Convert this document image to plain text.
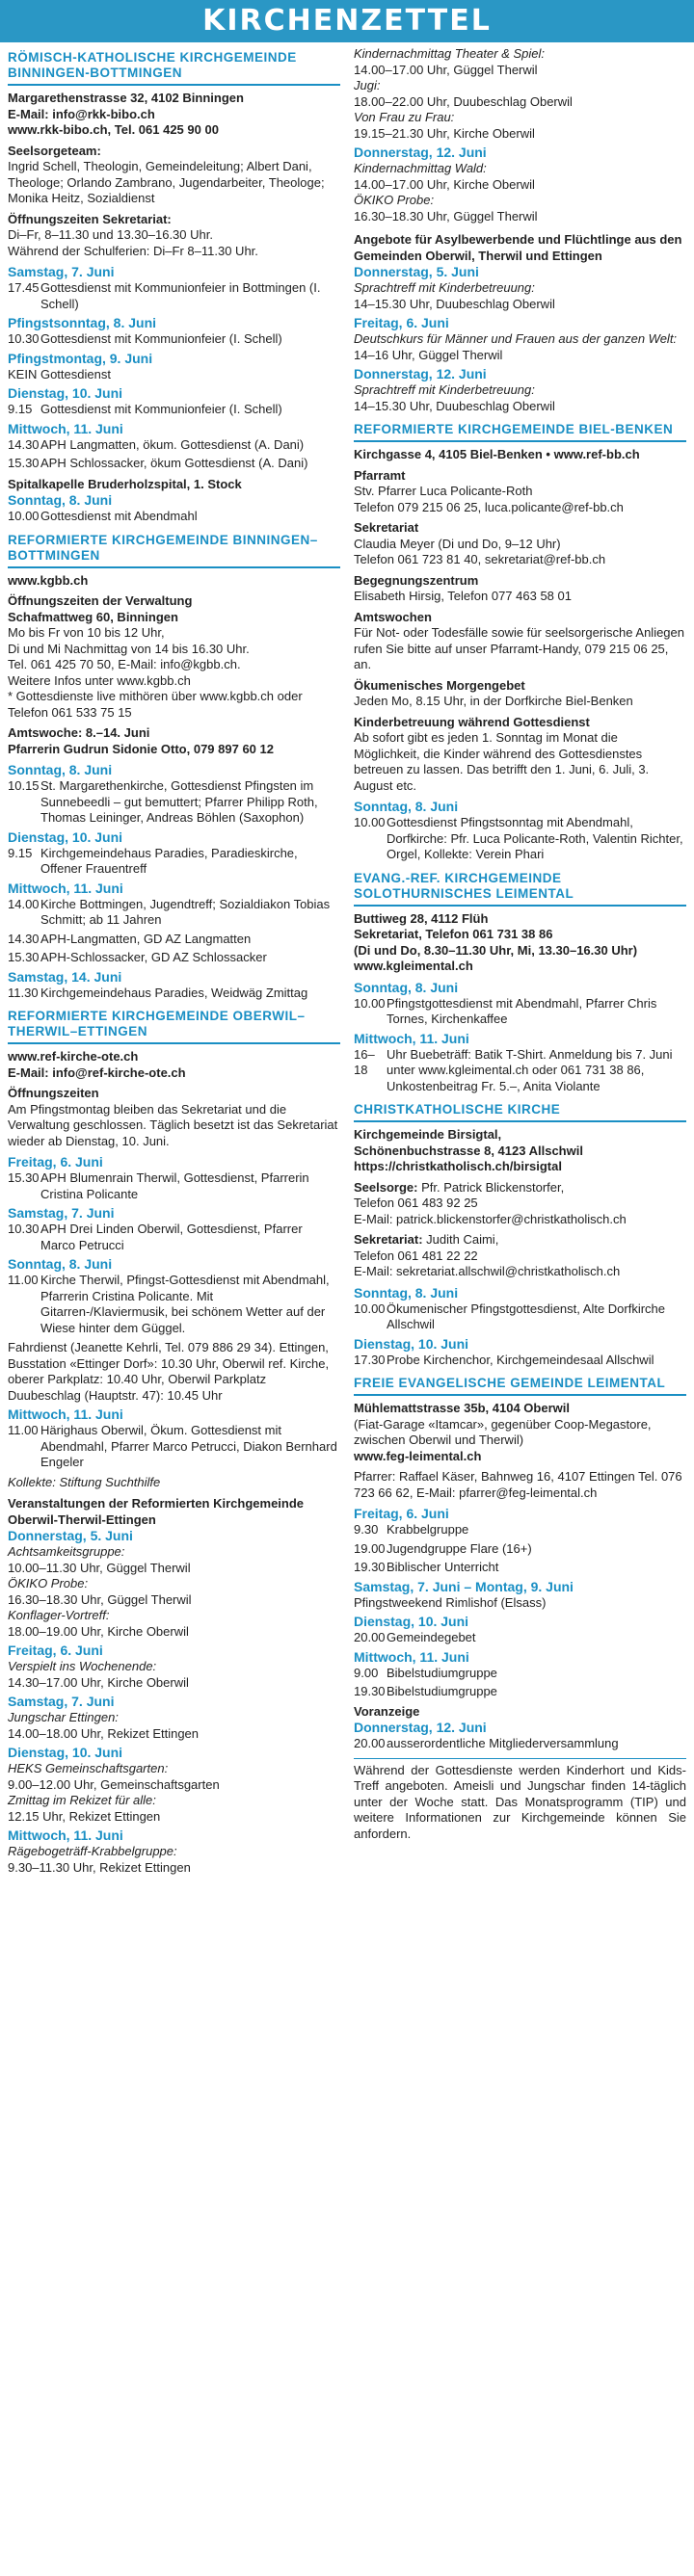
KIRCHENZETTEL
RÖMISCH-KATHOLISCHE KIRCHGEMEINDE BINNINGEN-BOTTMINGEN
Margarethenstrasse 32, 4102 Binningen
E-Mail: info@rkk-bibo.ch
www.rkk-bibo.ch, Tel. 061 425 90 00
Seelsorgeteam:
Ingrid Schell, Theologin, Gemeindeleitung; Albert Dani, Theologe; Orlando Zambrano, Jugendarbeiter, Theologe; Monika Heitz, Sozialdienst
Öffnungszeiten Sekretariat:
Di–Fr, 8–11.30 und 13.30–16.30 Uhr.
Während der Schulferien: Di–Fr 8–11.30 Uhr.
Samstag, 7. Juni
17.45 Gottesdienst mit Kommunionfeier in Bottmingen (I. Schell)
Pfingstsonntag, 8. Juni
10.30 Gottesdienst mit Kommunionfeier (I. Schell)
Pfingstmontag, 9. Juni
KEIN Gottesdienst
Dienstag, 10. Juni
9.15 Gottesdienst mit Kommunionfeier (I. Schell)
Mittwoch, 11. Juni
14.30 APH Langmatten, ökum. Gottesdienst (A. Dani)
15.30 APH Schlossacker, ökum Gottesdienst (A. Dani)
Spitalkapelle Bruderholzspital, 1. Stock
Sonntag, 8. Juni
10.00 Gottesdienst mit Abendmahl
REFORMIERTE KIRCHGEMEINDE BINNINGEN–BOTTMINGEN
www.kgbb.ch
Öffnungszeiten der Verwaltung
Schafmattweg 60, Binningen
Mo bis Fr von 10 bis 12 Uhr,
Di und Mi Nachmittag von 14 bis 16.30 Uhr.
Tel. 061 425 70 50, E-Mail: info@kgbb.ch.
Weitere Infos unter www.kgbb.ch
* Gottesdienste live mithören über www.kgbb.ch oder Telefon 061 533 75 15
Amtswoche: 8.–14. Juni
Pfarrerin Gudrun Sidonie Otto, 079 897 60 12
Sonntag, 8. Juni
10.15 St. Margarethenkirche, Gottesdienst Pfingsten im Sunnebeedli – gut bemuttert; Pfarrer Philipp Roth, Thomas Leininger, Andreas Böhlen (Saxophon)
Dienstag, 10. Juni
9.15 Kirchgemeindehaus Paradies, Paradieskirche, Offener Frauentreff
Mittwoch, 11. Juni
14.00 Kirche Bottmingen, Jugendtreff; Sozialdiakon Tobias Schmitt; ab 11 Jahren
14.30 APH-Langmatten, GD AZ Langmatten
15.30 APH-Schlossacker, GD AZ Schlossacker
Samstag, 14. Juni
11.30 Kirchgemeindehaus Paradies, Weidwäg Zmittag
REFORMIERTE KIRCHGEMEINDE OBERWIL–THERWIL–ETTINGEN
www.ref-kirche-ote.ch
E-Mail: info@ref-kirche-ote.ch
Öffnungszeiten
Am Pfingstmontag bleiben das Sekretariat und die Verwaltung geschlossen. Täglich besetzt ist das Sekretariat wieder ab Dienstag, 10. Juni.
Freitag, 6. Juni
15.30 APH Blumenrain Therwil, Gottesdienst, Pfarrerin Cristina Policante
Samstag, 7. Juni
10.30 APH Drei Linden Oberwil, Gottesdienst, Pfarrer Marco Petrucci
Sonntag, 8. Juni
11.00 Kirche Therwil, Pfingst-Gottesdienst mit Abendmahl, Pfarrerin Cristina Policante. Mit Gitarren-/Klaviermusik, bei schönem Wetter auf der Wiese hinter dem Güggel.
Fahrdienst (Jeanette Kehrli, Tel. 079 886 29 34). Ettingen, Busstation «Ettinger Dorf»: 10.30 Uhr, Oberwil ref. Kirche, oberer Parkplatz: 10.40 Uhr, Oberwil Parkplatz Duubeschlag (Hauptstr. 47): 10.45 Uhr
Mittwoch, 11. Juni
11.00 Härighaus Oberwil, Ökum. Gottesdienst mit Abendmahl, Pfarrer Marco Petrucci, Diakon Bernhard Engeler
Kollekte: Stiftung Suchthilfe
Veranstaltungen der Reformierten Kirchgemeinde Oberwil-Therwil-Ettingen
Donnerstag, 5. Juni
Achtsamkeitsgruppe:
10.00–11.30 Uhr, Güggel Therwil
ÖKIKO Probe:
16.30–18.30 Uhr, Güggel Therwil
Konflager-Vortreff:
18.00–19.00 Uhr, Kirche Oberwil
Freitag, 6. Juni
Verspielt ins Wochenende:
14.30–17.00 Uhr, Kirche Oberwil
Samstag, 7. Juni
Jungschar Ettingen:
14.00–18.00 Uhr, Rekizet Ettingen
Dienstag, 10. Juni
HEKS Gemeinschaftsgarten:
9.00–12.00 Uhr, Gemeinschaftsgarten
Zmittag im Rekizet für alle:
12.15 Uhr, Rekizet Ettingen
Mittwoch, 11. Juni
Rägebogeträff-Krabbelgruppe:
9.30–11.30 Uhr, Rekizet Ettingen
Kindernachmittag Theater & Spiel:
14.00–17.00 Uhr, Güggel Therwil
Jugi:
18.00–22.00 Uhr, Duubeschlag Oberwil
Von Frau zu Frau:
19.15–21.30 Uhr, Kirche Oberwil
Donnerstag, 12. Juni
Kindernachmittag Wald:
14.00–17.00 Uhr, Kirche Oberwil
ÖKIKO Probe:
16.30–18.30 Uhr, Güggel Therwil
Angebote für Asylbewerbende und Flüchtlinge aus den Gemeinden Oberwil, Therwil und Ettingen
Donnerstag, 5. Juni
Sprachtreff mit Kinderbetreuung:
14–15.30 Uhr, Duubeschlag Oberwil
Freitag, 6. Juni
Deutschkurs für Männer und Frauen aus der ganzen Welt:
14–16 Uhr, Güggel Therwil
Donnerstag, 12. Juni
Sprachtreff mit Kinderbetreuung:
14–15.30 Uhr, Duubeschlag Oberwil
REFORMIERTE KIRCHGEMEINDE BIEL-BENKEN
Kirchgasse 4, 4105 Biel-Benken • www.ref-bb.ch
Pfarramt
Stv. Pfarrer Luca Policante-Roth
Telefon 079 215 06 25, luca.policante@ref-bb.ch
Sekretariat
Claudia Meyer (Di und Do, 9–12 Uhr)
Telefon 061 723 81 40, sekretariat@ref-bb.ch
Begegnungszentrum
Elisabeth Hirsig, Telefon 077 463 58 01
Amtswochen
Für Not- oder Todesfälle sowie für seelsorgerische Anliegen rufen Sie bitte auf unser Pfarramt-Handy, 079 215 06 25, an.
Ökumenisches Morgengebet
Jeden Mo, 8.15 Uhr, in der Dorfkirche Biel-Benken
Kinderbetreuung während Gottesdienst
Ab sofort gibt es jeden 1. Sonntag im Monat die Möglichkeit, die Kinder während des Gottesdienstes betreuen zu lassen. Das betrifft den 1. Juni, 6. Juli, 3. August etc.
Sonntag, 8. Juni
10.00 Gottesdienst Pfingstsonntag mit Abendmahl, Dorfkirche: Pfr. Luca Policante-Roth, Valentin Richter, Orgel, Kollekte: Verein Phari
EVANG.-REF. KIRCHGEMEINDE SOLOTHURNISCHES LEIMENTAL
Buttiweg 28, 4112 Flüh
Sekretariat, Telefon 061 731 38 86
(Di und Do, 8.30–11.30 Uhr, Mi, 13.30–16.30 Uhr)
www.kgleimental.ch
Sonntag, 8. Juni
10.00 Pfingstgottesdienst mit Abendmahl, Pfarrer Chris Tornes, Kirchenkaffee
Mittwoch, 11. Juni
16–18
Uhr Buebeträff: Batik T-Shirt. Anmeldung bis 7. Juni unter www.kgleimental.ch oder 061 731 38 86, Unkostenbeitrag Fr. 5.–, Anita Violante
CHRISTKATHOLISCHE KIRCHE
Kirchgemeinde Birsigtal,
Schönenbuchstrasse 8, 4123 Allschwil
https://christkatholisch.ch/birsigtal
Seelsorge: Pfr. Patrick Blickenstorfer,
Telefon 061 483 92 25
E-Mail: patrick.blickenstorfer@christkatholisch.ch
Sekretariat: Judith Caimi,
Telefon 061 481 22 22
E-Mail: sekretariat.allschwil@christkatholisch.ch
Sonntag, 8. Juni
10.00 Ökumenischer Pfingstgottesdienst, Alte Dorfkirche Allschwil
Dienstag, 10. Juni
17.30 Probe Kirchenchor, Kirchgemeindesaal Allschwil
FREIE EVANGELISCHE GEMEINDE LEIMENTAL
Mühlemattstrasse 35b, 4104 Oberwil
(Fiat-Garage «Itamcar», gegenüber Coop-Megastore, zwischen Oberwil und Therwil)
www.feg-leimental.ch
Pfarrer: Raffael Käser, Bahnweg 16, 4107 Ettingen Tel. 076 723 66 62, E-Mail: pfarrer@feg-leimental.ch
Freitag, 6. Juni
9.30 Krabbelgruppe
19.00 Jugendgruppe Flare (16+)
19.30 Biblischer Unterricht
Samstag, 7. Juni – Montag, 9. Juni
Pfingstweekend Rimlishof (Elsass)
Dienstag, 10. Juni
20.00 Gemeindegebet
Mittwoch, 11. Juni
9.00 Bibelstudiumgruppe
19.30 Bibelstudiumgruppe
Voranzeige
Donnerstag, 12. Juni
20.00 ausserordentliche Mitgliederversammlung
Während der Gottesdienste werden Kinderhort und Kids-Treff angeboten. Ameisli und Jungschar finden 14-täglich unter der Woche statt. Das Monatsprogramm (TIP) und weitere Informationen zur Kirchgemeinde können Sie anfordern.
